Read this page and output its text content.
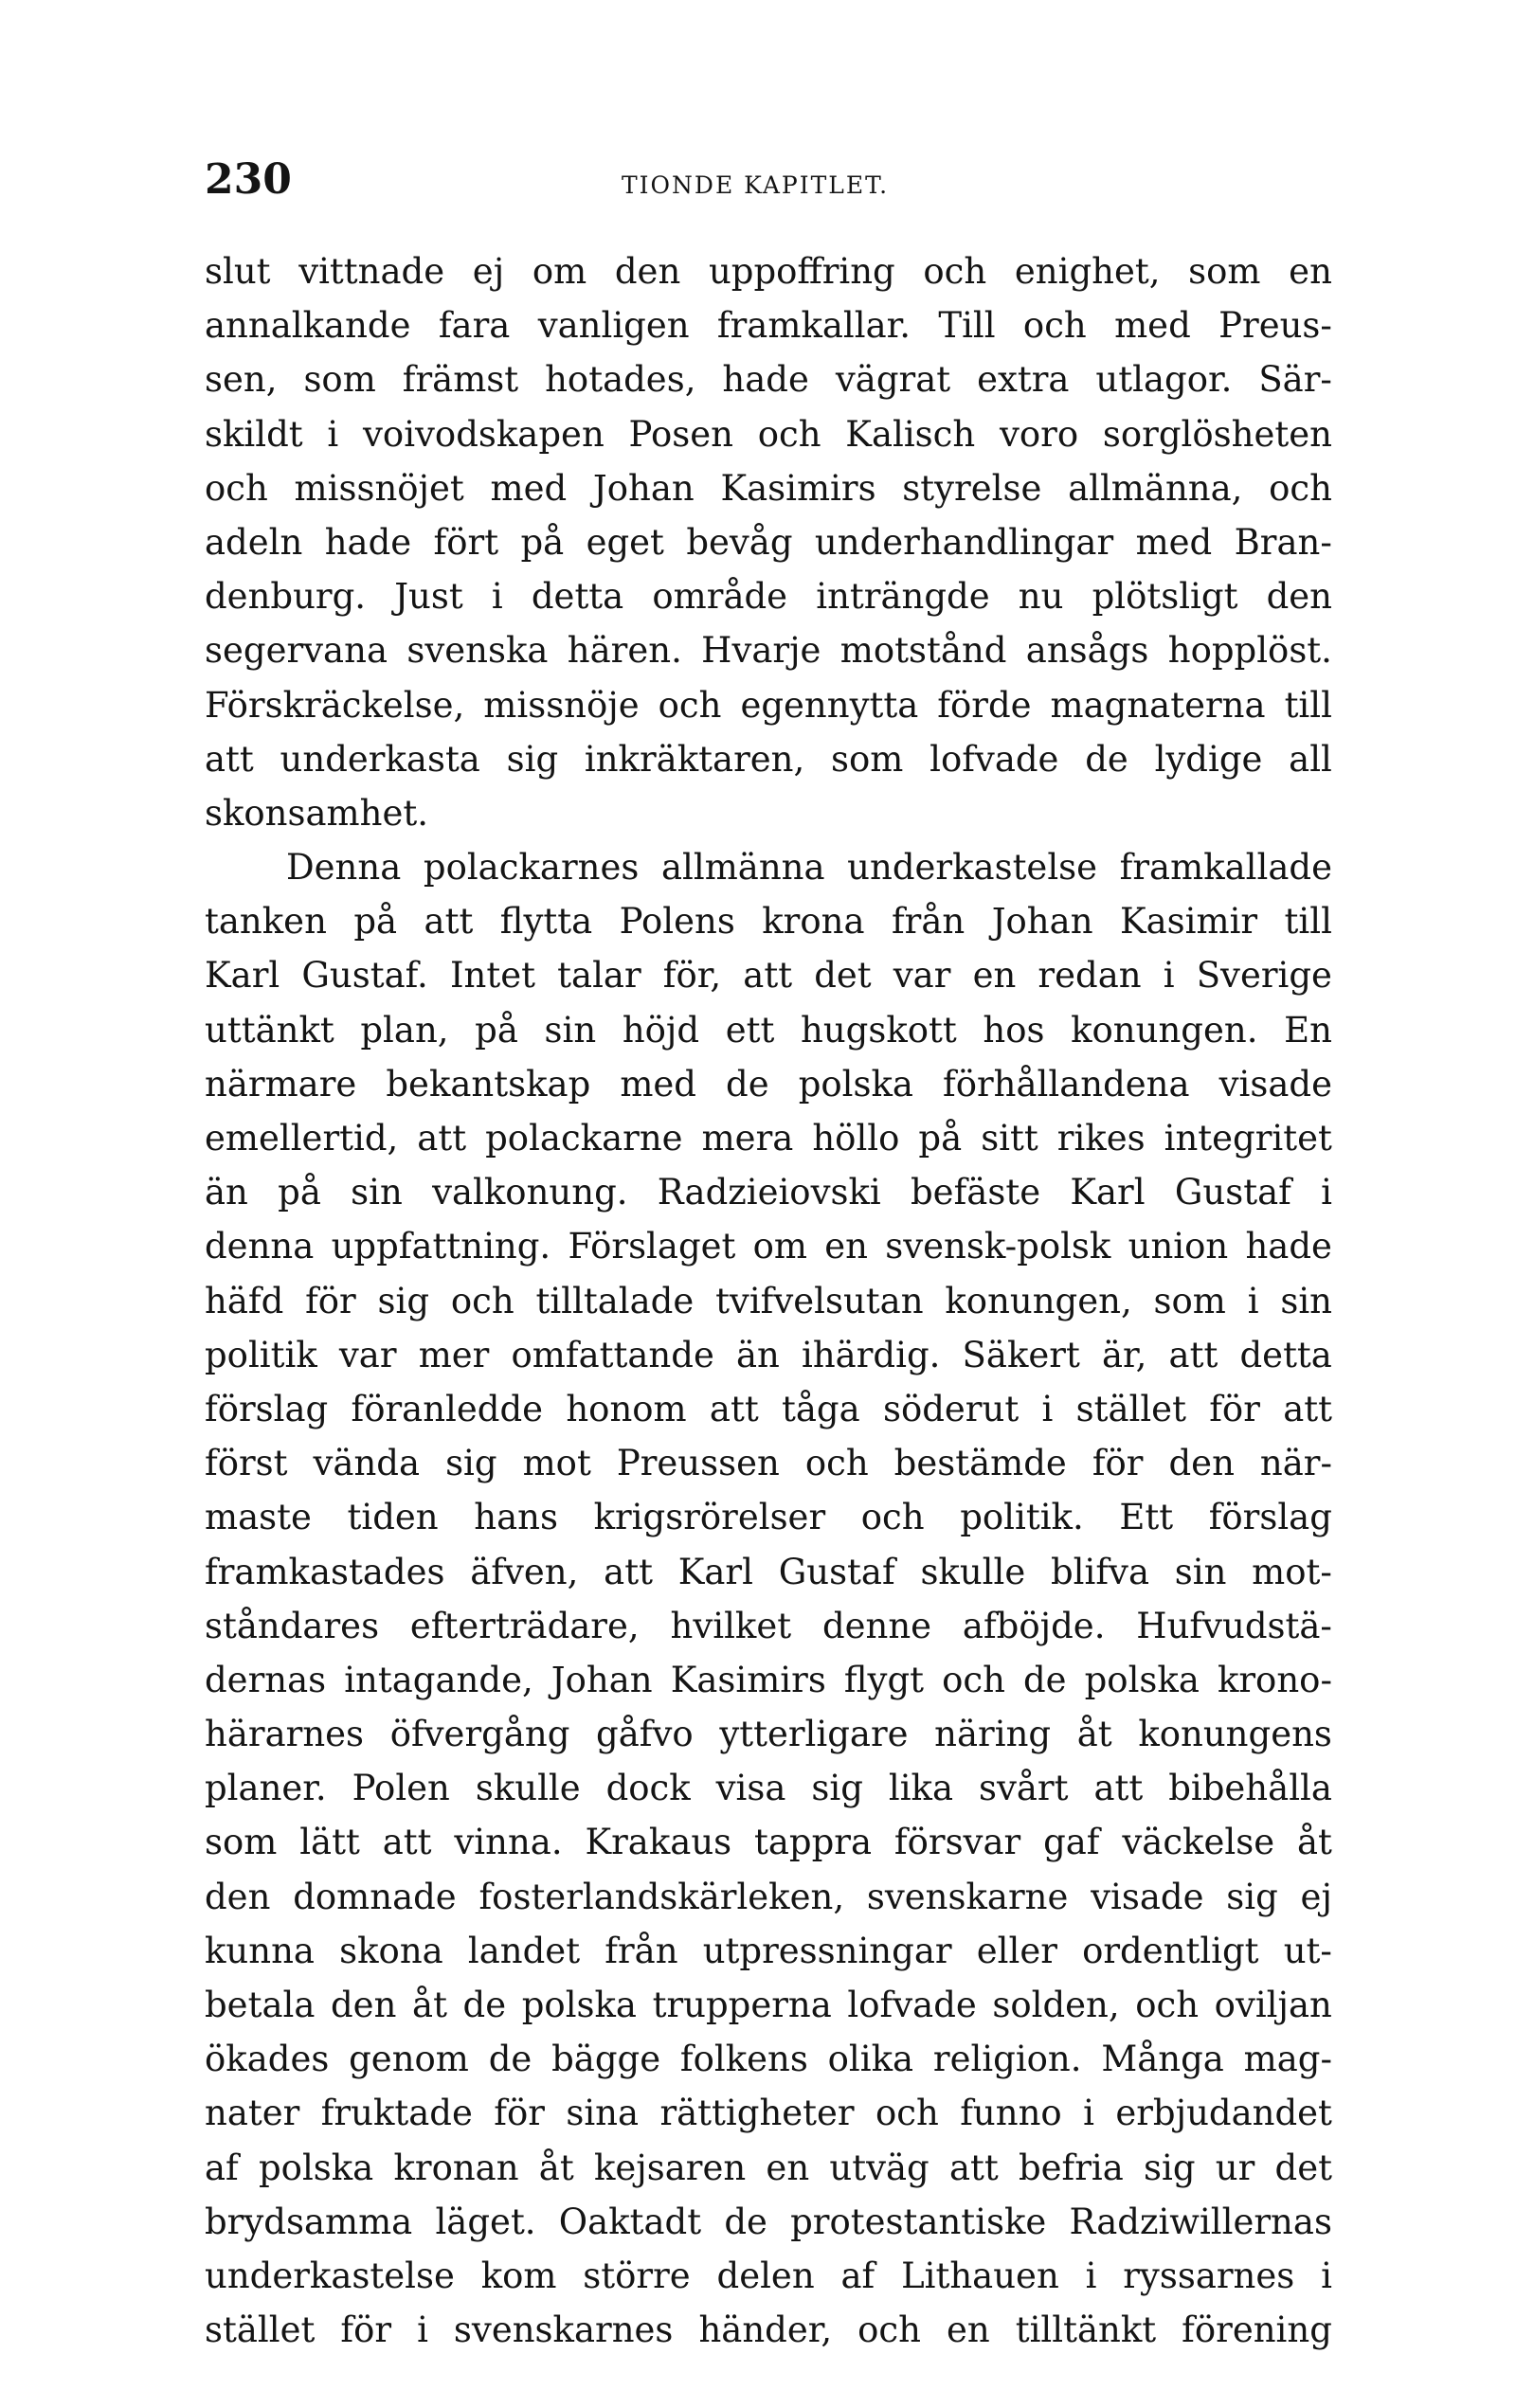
230	TIONDE KAPITLET.
slut vittnade ej om den uppoffring och enighet, som en
annalkande fara vanligen framkallar. Till och med Preus-
sen, som främst hotades, hade vägrat extra utlagor. Sär-
skildt i voivodskapen Posen och Kalisch voro sorglösheten
och missnöjet med Johan Kasimirs styrelse allmänna, och
adeln hade fört på eget bevåg underhandlingar med Bran-
denburg. Just i detta område inträngde nu plötsligt den
segervana svenska hären. Hvarje motstånd ansågs hopplöst.
Förskräckelse, missnöje och egennytta förde magnaterna till
att underkasta sig inkräktaren, som lofvade de lydige all
skonsamhet.
Denna polackarnes allmänna underkastelse framkallade
tanken på att flytta Polens krona från Johan Kasimir till
Karl Gustaf. Intet talar för, att det var en redan i Sverige
uttänkt plan, på sin höjd ett hugskott hos konungen. En
närmare bekantskap med de polska förhållandena visade
emellertid, att polackarne mera höllo på sitt rikes integritet
än på sin valkonung. Radzieiovski befäste Karl Gustaf i
denna uppfattning. Förslaget om en svensk-polsk union hade
häfd för sig och tilltalade tvifvelsutan konungen, som i sin
politik var mer omfattande än ihärdig. Säkert är, att detta
förslag föranledde honom att tåga söderut i stället för att
först vända sig mot Preussen och bestämde för den när-
maste tiden hans krigsrörelser och politik. Ett förslag
framkastades äfven, att Karl Gustaf skulle blifva sin mot-
ståndares efterträdare, hvilket denne afböjde. Hufvudstä-
dernas intagande, Johan Kasimirs flygt och de polska krono-
härarnes öfvergång gåfvo ytterligare näring åt konungens
planer. Polen skulle dock visa sig lika svårt att bibehålla
som lätt att vinna. Krakaus tappra försvar gaf väckelse åt
den domnade fosterlandskärleken, svenskarne visade sig ej
kunna skona landet från utpressningar eller ordentligt ut-
betala den åt de polska trupperna lofvade solden, och oviljan
ökades genom de bägge folkens olika religion. Många mag-
nater fruktade för sina rättigheter och funno i erbjudandet
af polska kronan åt kejsaren en utväg att befria sig ur det
brydsamma läget. Oaktadt de protestantiske Radziwillernas
underkastelse kom större delen af Lithauen i ryssarnes i
stället för i svenskarnes händer, och en tilltänkt förening
